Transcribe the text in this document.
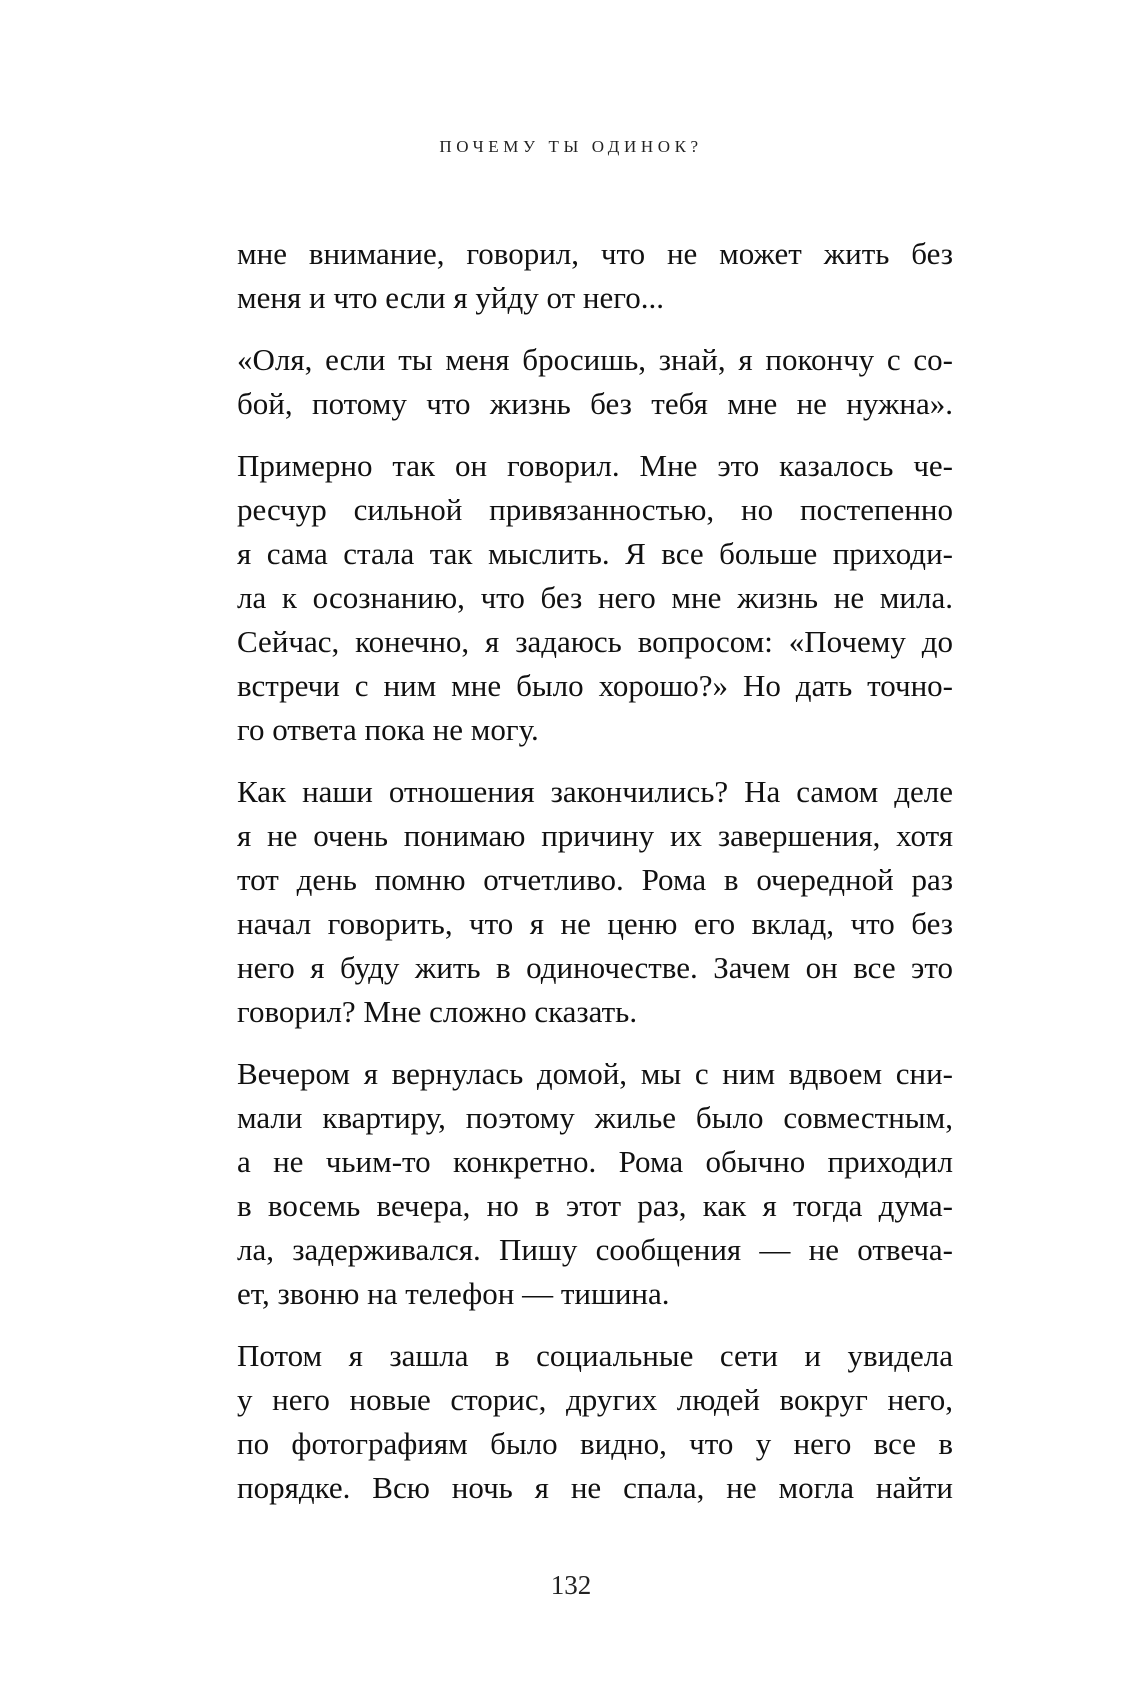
ПОЧЕМУ ТЫ ОДИНОК?

мне внимание, говорил, что не может жить без
меня и что если я уйду от него...

«Оля, если ты меня бросишь, знай, я покончу с со-
бой, потому что жизнь без тебя мне не нужна».

Примерно так он говорил. Мне это казалось че-
ресчур сильной привязанностью, но постепенно
я сама стала так мыслить. Я все больше приходи-
ла к осознанию, что без него мне жизнь не мила.
Сейчас, конечно, я задаюсь вопросом: «Почему до
встречи с ним мне было хорошо?» Но дать точно-
го ответа пока не могу.

Как наши отношения закончились? На самом деле
я не очень понимаю причину их завершения, хотя
тот день помню отчетливо. Рома в очередной раз
начал говорить, что я не ценю его вклад, что без
него я буду жить в одиночестве. Зачем он все это
говорил? Мне сложно сказать.

Вечером я вернулась домой, мы с ним вдвоем сни-
мали квартиру, поэтому жилье было совместным,
а не чьим-то конкретно. Рома обычно приходил
в восемь вечера, но в этот раз, как я тогда дума-
ла, задерживался. Пишу сообщения — не отвеча-
ет, звоню на телефон — тишина.

Потом я зашла в социальные сети и увидела
у него новые сторис, других людей вокруг него,
по фотографиям было видно, что у него все в
порядке. Всю ночь я не спала, не могла найти

132
